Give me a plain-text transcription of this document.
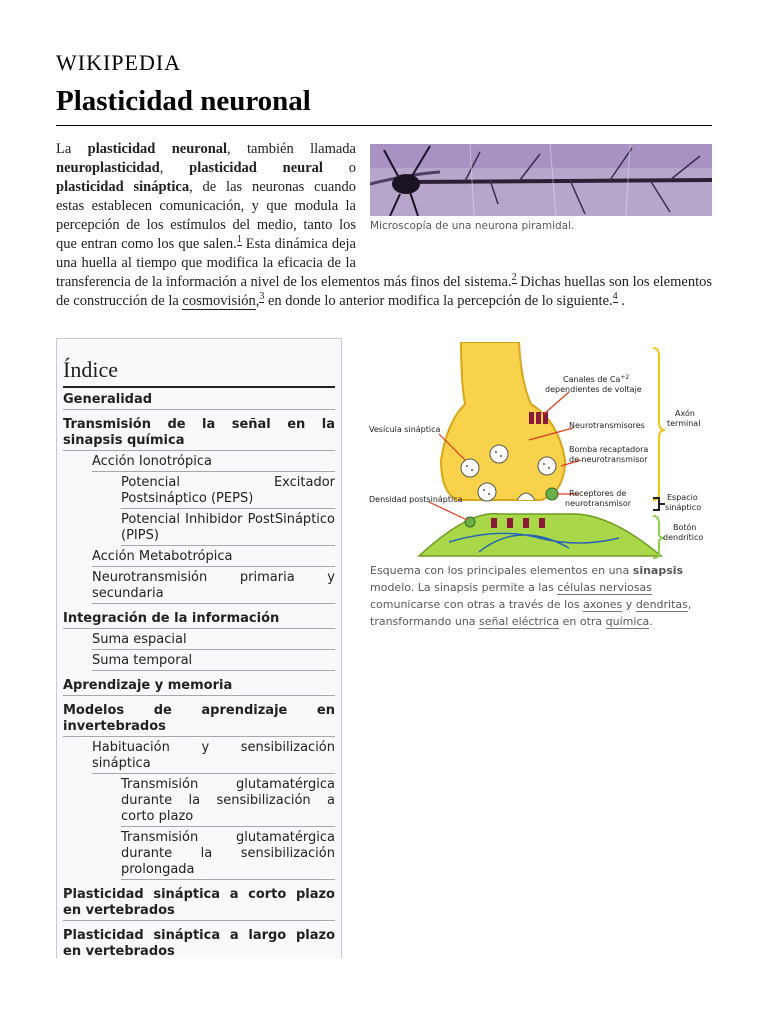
WIKIPEDIA
Plasticidad neuronal

Microscopía de una neurona piramidal.
La plasticidad neuronal, también llamada neuroplasticidad, plasticidad neural o plasticidad sináptica, de las neuronas cuando estas establecen comunicación, y que modula la percepción de los estímulos del medio, tanto los que entran como los que salen.$^1$ Esta dinámica deja una huella al tiempo que modifica la eficacia de la transferencia de la información a nivel de los elementos más finos del sistema.$^2$ Dichas huellas son los elementos de construcción de la cosmovisión,$^3$ en donde lo anterior modifica la percepción de lo siguiente.$^4$ .

Índice
Generalidad
Transmisión de la señal en la sinapsis química
Acción Ionotrópica
Potencial Excitador Postsináptico (PEPS)
Potencial Inhibidor PostSináptico (PIPS)
Acción Metabotrópica
Neurotransmisión primaria y secundaria
Integración de la información
Suma espacial
Suma temporal
Aprendizaje y memoria
Modelos de aprendizaje en invertebrados
Habituación y sensibilización sináptica
Transmisión glutamatérgica durante la sensibilización a corto plazo
Transmisión glutamatérgica durante la sensibilización prolongada
Plasticidad sináptica a corto plazo en vertebrados
Plasticidad sináptica a largo plazo en vertebrados
Canales de $Ca^{+2}$
dependientes de voltaje
Vesícula sináptica	Neurotransmisores
Bomba recaptadora
de neurotransmisor
Densidad postsináptica
Receptores de
neurotransmisor
Axón
terminal
Espacio
sináptico
Botón
dendrítico

Esquema con los principales elementos en una sinapsis modelo. La sinapsis permite a las células nerviosas comunicarse con otras a través de los axones y dendritas, transformando una señal eléctrica en otra química.
